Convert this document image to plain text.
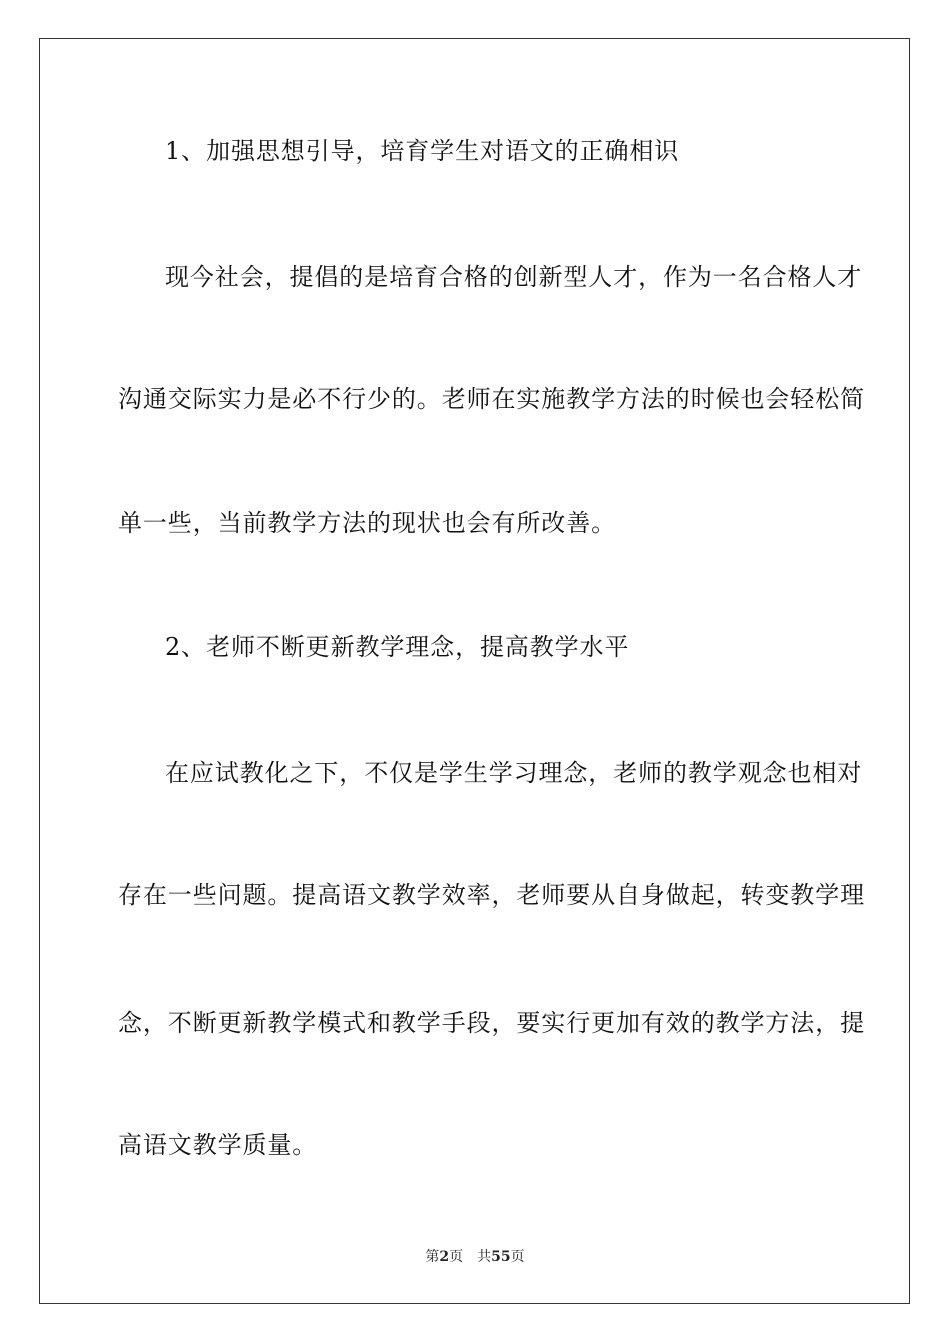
1、加强思想引导，培育学生对语文的正确相识
现今社会，提倡的是培育合格的创新型人才，作为一名合格人才
沟通交际实力是必不行少的。老师在实施教学方法的时候也会轻松简
单一些，当前教学方法的现状也会有所改善。
2、老师不断更新教学理念，提高教学水平
在应试教化之下，不仅是学生学习理念，老师的教学观念也相对
存在一些问题。提高语文教学效率，老师要从自身做起，转变教学理
念，不断更新教学模式和教学手段，要实行更加有效的教学方法，提
高语文教学质量。
第2页 共55页
